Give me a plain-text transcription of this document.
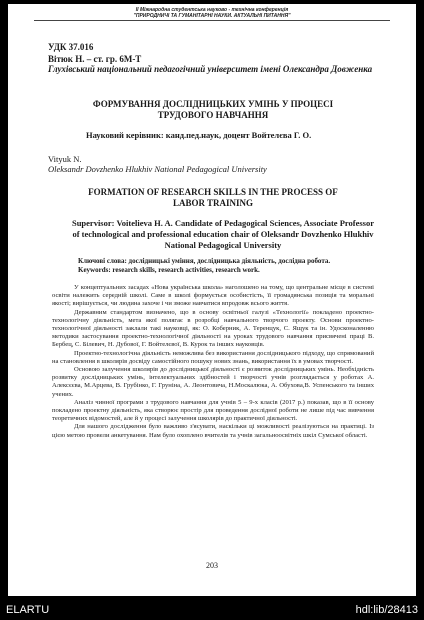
II Міжнародна студентська науково - технічна конференція
"ПРИРОДНИЧІ ТА ГУМАНІТАРНІ НАУКИ. АКТУАЛЬНІ ПИТАННЯ"
УДК 37.016
Вітюк Н. – ст. гр. 6М-Т
Глухівський національний педагогічний університет імені Олександра Довженка
ФОРМУВАННЯ ДОСЛІДНИЦЬКИХ УМІНЬ У ПРОЦЕСІ ТРУДОВОГО НАВЧАННЯ
Науковий керівник: канд.пед.наук, доцент Войтелєва Г. О.
Vityuk N.
Oleksandr Dovzhenko Hlukhiv National Pedagogical University
FORMATION OF RESEARCH SKILLS IN THE PROCESS OF LABOR TRAINING
Supervisor: Voitelieva H. A. Candidate of Pedagogical Sciences, Associate Professor of technological and professional education chair of Oleksandr Dovzhenko Hlukhiv National Pedagogical University
Ключові слова: дослідницькі уміння, дослідницька діяльність, дослідна робота.
Keywords: research skills, research activities, research work.

У концептуальних засадах «Нова українська школа» наголошено на тому, що центральне місце в системі освіти належить середній школі. Саме в школі формується особистість, її громадянська позиція та моральні якості; вирішується, чи людина захоче і чи зможе навчатися впродовж всього життя.

Державним стандартом визначено, що в основу освітньої галузі «Технології» покладено проектно-технологічну діяльність, мета якої полягає в розробці навчального творчого проекту. Основи проектно-технологічної діяльності заклали такі науковці, як: О. Коберник, А. Теренцук, С. Ящук та ін. Удосконаленню методики застосування проектно-технологічної діяльності на уроках трудового навчання присвячені праці В. Бербец, С. Білевич, Н. Дубової, Г. Войтелєвої, В. Курок та інших науковців.

Проектно-технологічна діяльність неможлива без використання дослідницького підходу, що спрямований на становлення в школярів досвіду самостійного пошуку нових знань, використання їх в умовах творчості.

Основою залучення школярів до дослідницької діяльності є розвиток дослідницьких умінь. Необхідність розвитку дослідницьких умінь, інтелектуальних здібностей і творчості учнів розглядається у роботах А. Алексєєва, М.Арцева, В. Грубінко, Г. Груніна, А. Леонтовича, Н.Москалюка, А. Обухова,В. Успенського та інших учених.

Аналіз чинної програми з трудового навчання для учнів 5 – 9-х класів (2017 р.) показав, що в її основу покладено проектну діяльність, яка створює простір для проведення дослідної роботи не лише під час вивчення теоретичних відомостей, але й у процесі залучення школярів до практичної діяльності.

Для нашого дослідження було важливо з'ясувати, наскільки ці можливості реалізуються на практиці. Із цією метою провели анкетування. Нам було охоплено вчителів та учнів загальноосвітніх шкіл Сумської області.

203
ELARTU	hdl:lib/28413
